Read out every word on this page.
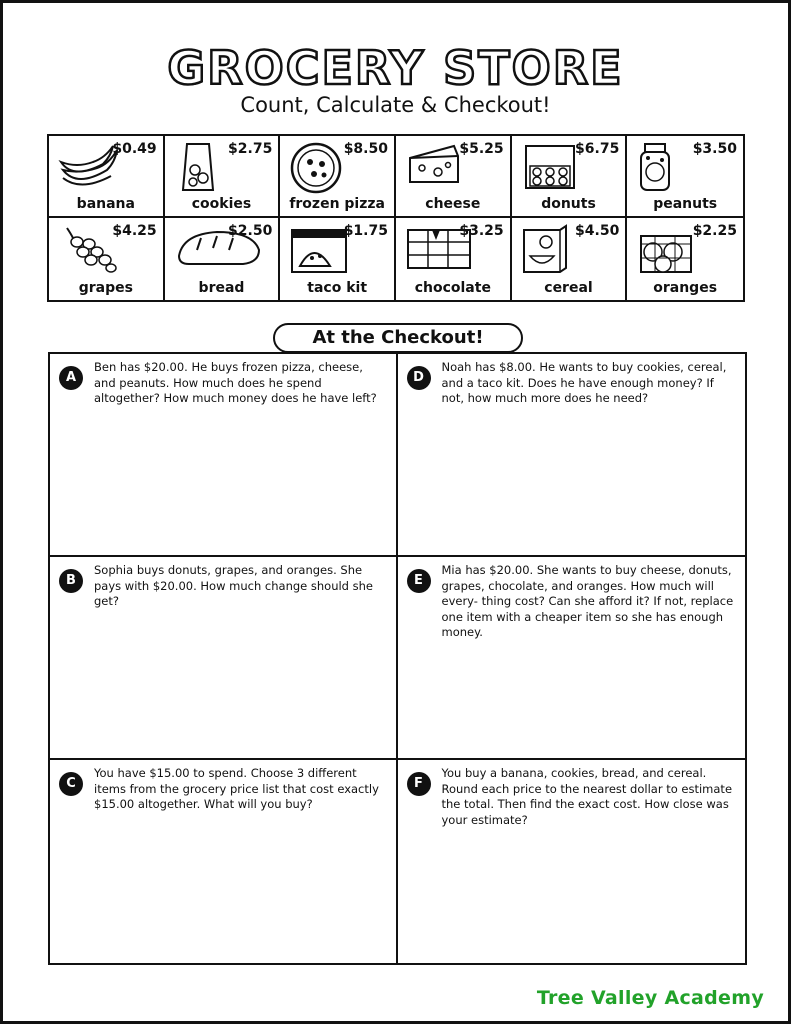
GROCERY STORE
Count, Calculate & Checkout!
$0.49
banana
$2.75
cookies
$8.50
frozen pizza
$5.25
cheese
$6.75
donuts
$3.50
peanuts
$4.25
grapes
$2.50
bread
$1.75
taco kit
$3.25
chocolate
$4.50
cereal
$2.25
oranges
At the Checkout!
A
Ben has $20.00. He buys frozen pizza, cheese, and peanuts. How much does he spend altogether? How much money does he have left?
D
Noah has $8.00. He wants to buy cookies, cereal, and a taco kit. Does he have enough money? If not, how much more does he need?
B
Sophia buys donuts, grapes, and oranges. She pays with $20.00. How much change should she get?
E
Mia has $20.00. She wants to buy cheese, donuts, grapes, chocolate, and oranges. How much will every- thing cost? Can she afford it? If not, replace one item with a cheaper item so she has enough money.
C
You have $15.00 to spend. Choose 3 different items from the grocery price list that cost exactly $15.00 altogether. What will you buy?
F
You buy a banana, cookies, bread, and cereal. Round each price to the nearest dollar to estimate the total. Then find the exact cost. How close was your estimate?
Tree Valley Academy
